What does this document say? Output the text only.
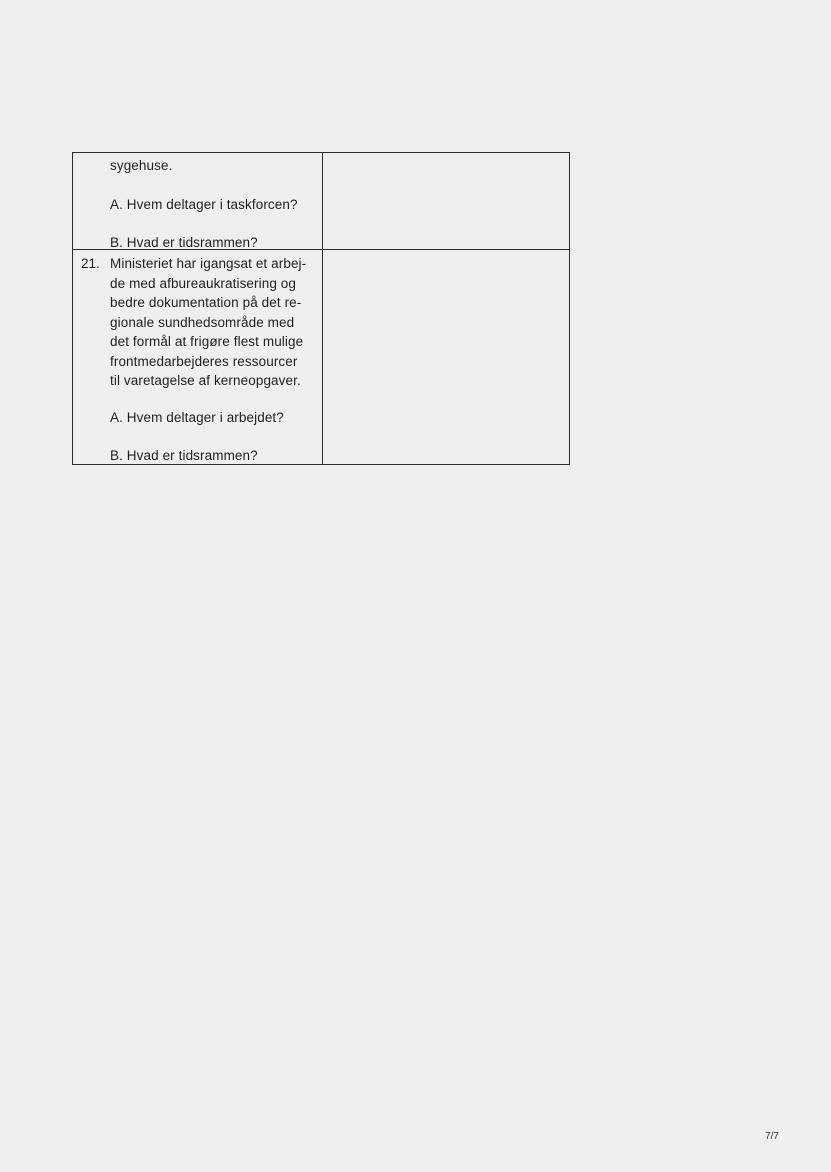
sygehuse.
A. Hvem deltager i taskforcen?
B. Hvad er tidsrammen?
21. Ministeriet har igangsat et arbej-

de med afbureaukratisering og

bedre dokumentation på det re-

gionale sundhedsområde med

det formål at frigøre flest mulige

frontmedarbejderes ressourcer

til varetagelse af kerneopgaver.

A. Hvem deltager i arbejdet?
B. Hvad er tidsrammen?
7/7
